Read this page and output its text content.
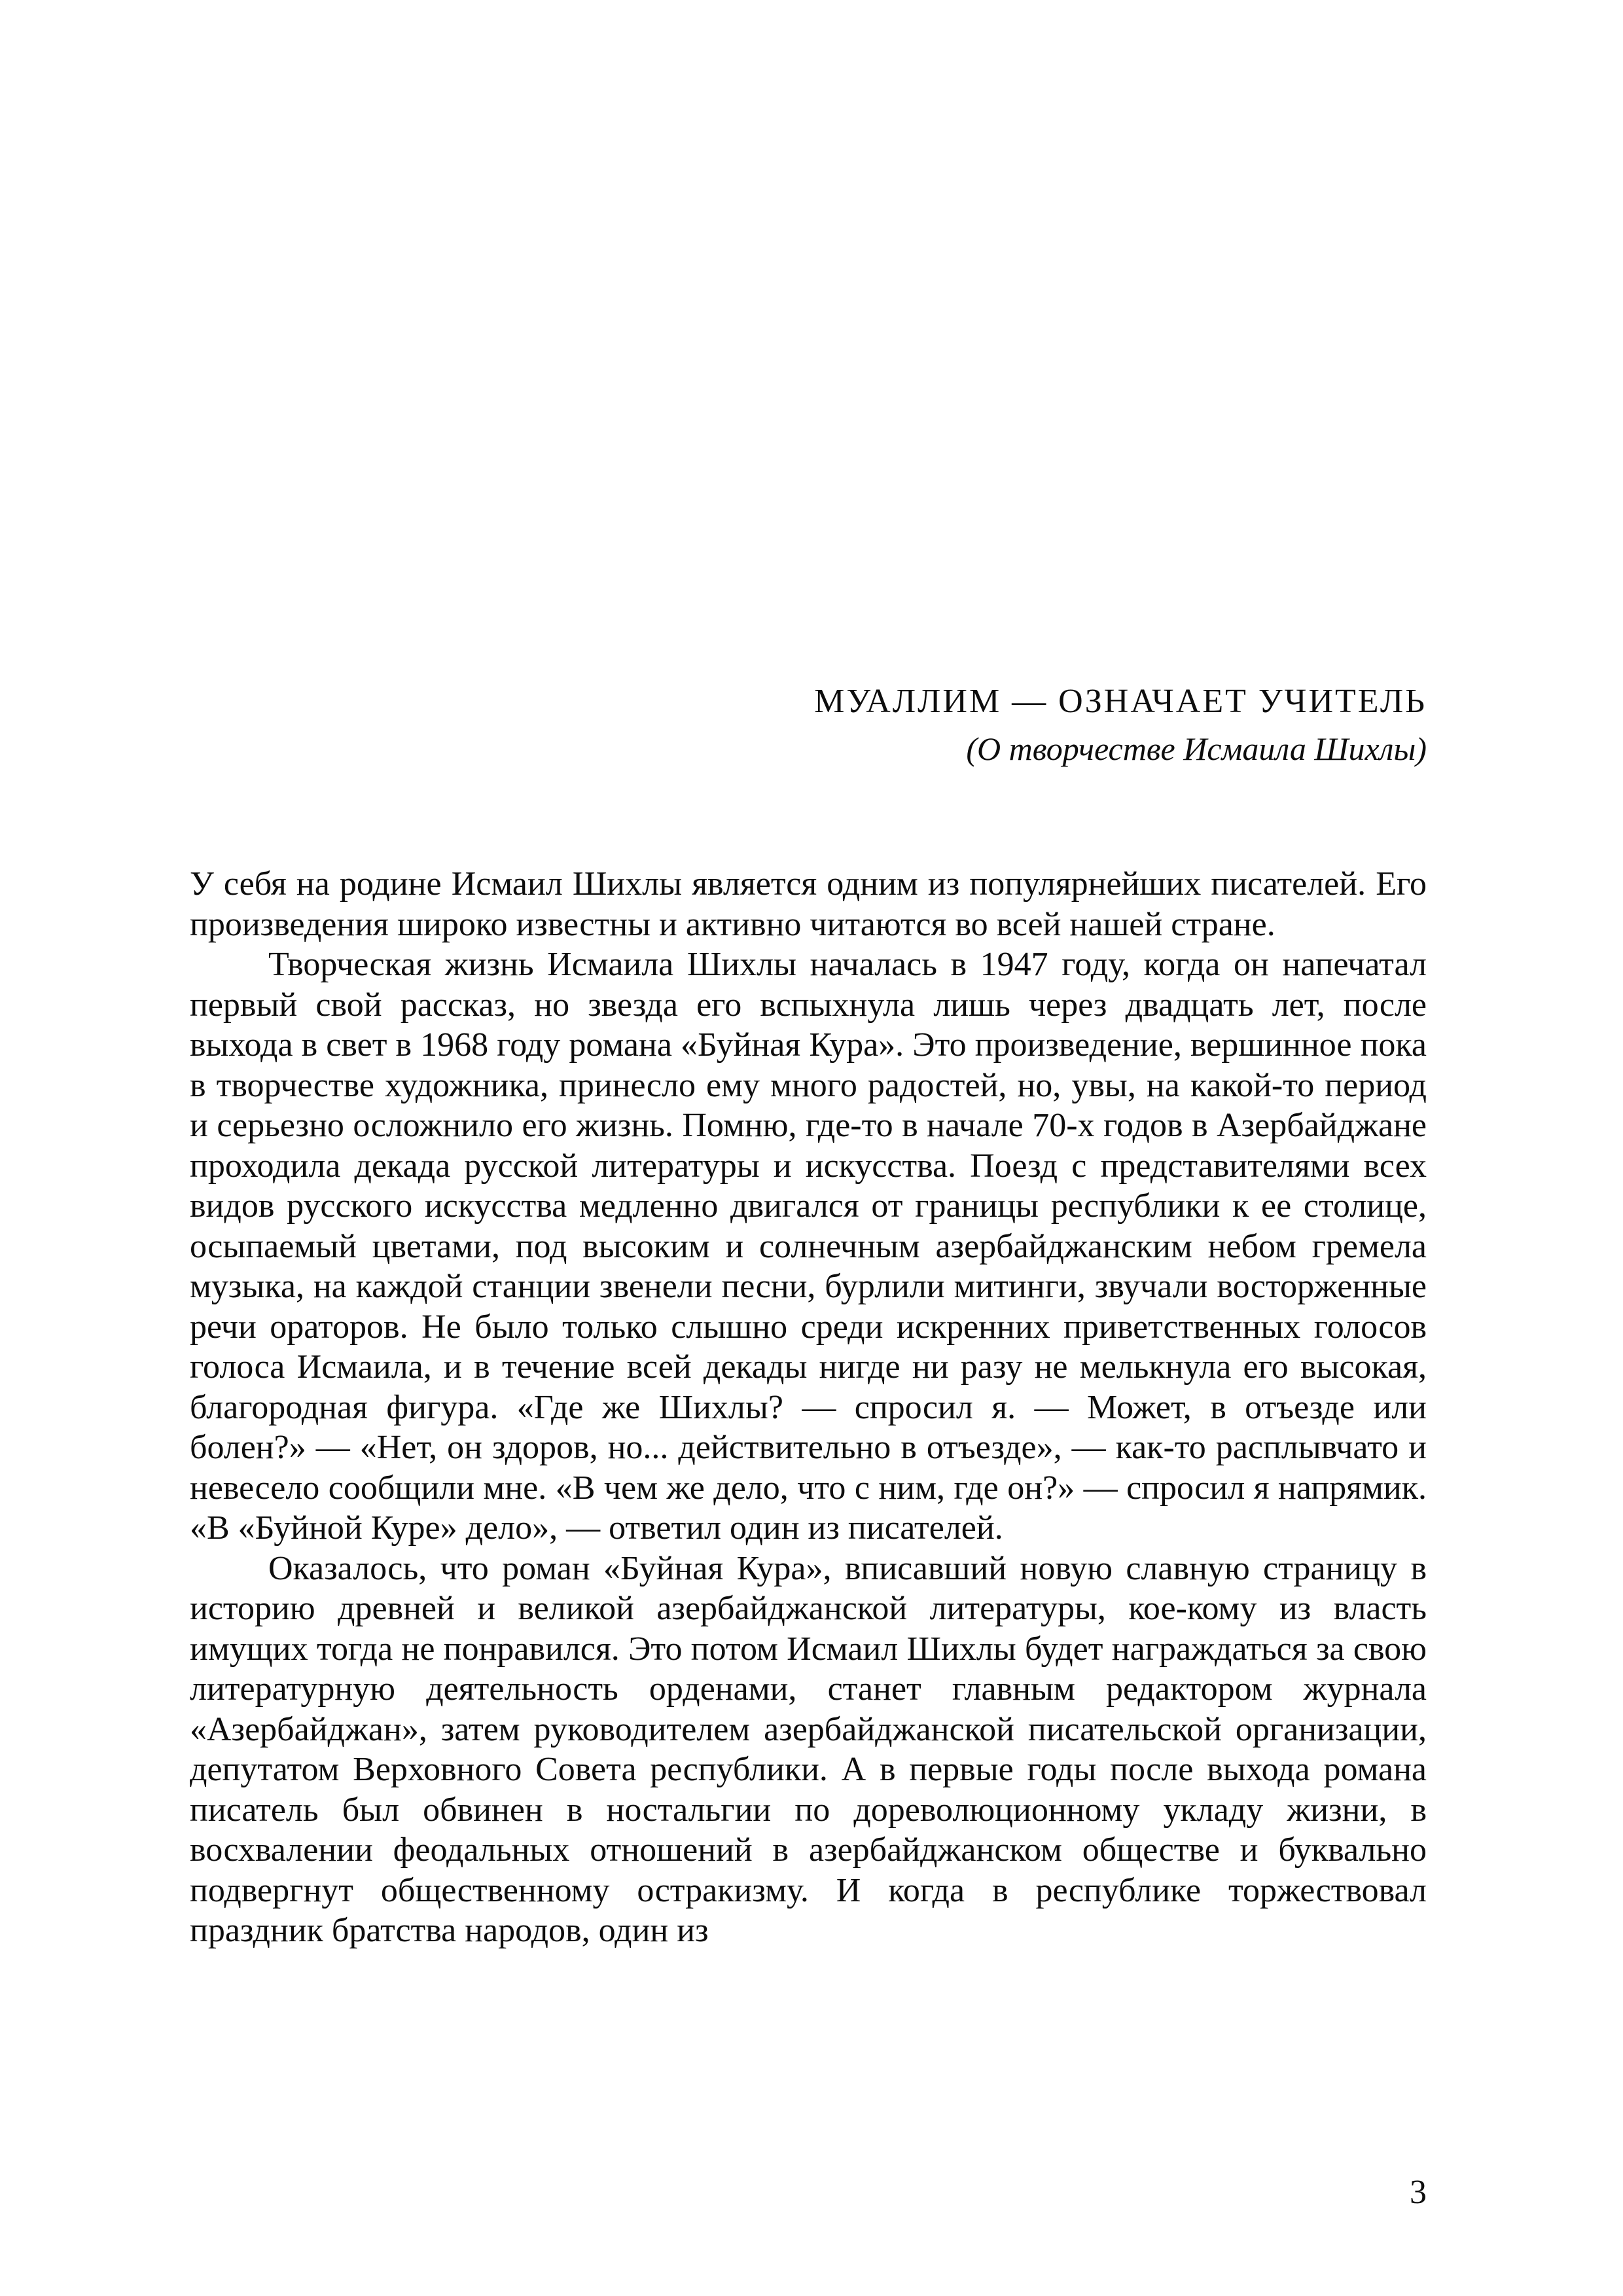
МУАЛЛИМ — ОЗНАЧАЕТ УЧИТЕЛЬ
(О творчестве Исмаила Шихлы)

У себя на родине Исмаил Шихлы является одним из популярнейших писателей. Его произведения широко известны и активно читаются во всей нашей стране.

Творческая жизнь Исмаила Шихлы началась в 1947 году, когда он напечатал первый свой рассказ, но звезда его вспыхнула лишь через двадцать лет, после выхода в свет в 1968 году романа «Буйная Кура». Это произведение, вершинное пока в творчестве художника, принесло ему много радостей, но, увы, на какой-то период и серьезно осложнило его жизнь. Помню, где-то в начале 70-х годов в Азербайджане проходила декада русской литературы и искусства. Поезд с представителями всех видов русского искусства медленно двигался от границы республики к ее столице, осыпаемый цветами, под высоким и солнечным азербайджанским небом гремела музыка, на каждой станции звенели песни, бурлили митинги, звучали восторженные речи ораторов. Не было только слышно среди искренних приветственных голосов голоса Исмаила, и в течение всей декады нигде ни разу не мелькнула его высокая, благородная фигура. «Где же Шихлы? — спросил я. — Может, в отъезде или болен?» — «Нет, он здоров, но... действительно в отъезде», — как-то расплывчато и невесело сообщили мне. «В чем же дело, что с ним, где он?» — спросил я напрямик. «В «Буйной Куре» дело», — ответил один из писателей.

Оказалось, что роман «Буйная Кура», вписавший новую славную страницу в историю древней и великой азербайджанской литературы, кое-кому из власть имущих тогда не понравился. Это потом Исмаил Шихлы будет награждаться за свою литературную деятельность орденами, станет главным редактором журнала «Азербайджан», затем руководителем азербайджанской писательской организации, депутатом Верховного Совета республики. А в первые годы после выхода романа писатель был обвинен в ностальгии по дореволюционному укладу жизни, в восхвалении феодальных отношений в азербайджанском обществе и буквально подвергнут общественному остракизму. И когда в республике торжествовал праздник братства народов, один из

3
